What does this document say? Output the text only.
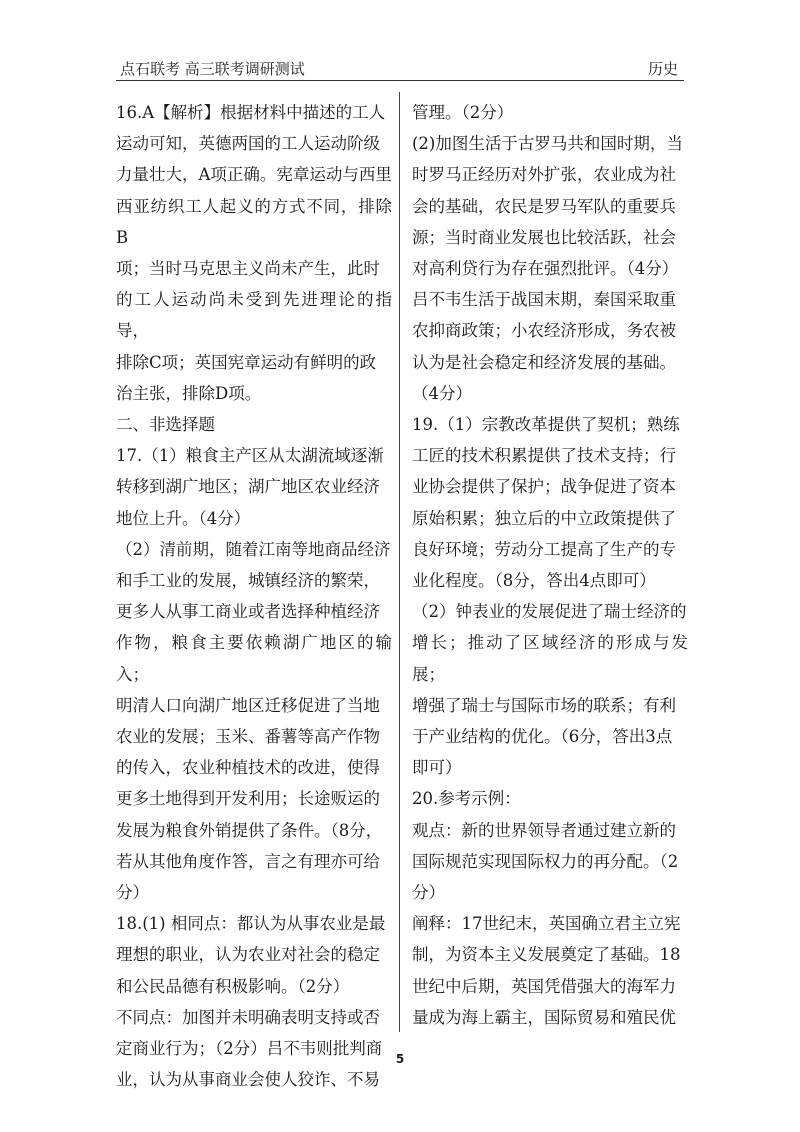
点石联考 高三联考调研测试	历史

16.A【解析】根据材料中描述的工人
运动可知，英德两国的工人运动阶级
力量壮大，A项正确。宪章运动与西里
西亚纺织工人起义的方式不同，排除B
项；当时马克思主义尚未产生，此时
的工人运动尚未受到先进理论的指导，
排除C项；英国宪章运动有鲜明的政
治主张，排除D项。

二、非选择题

17.（1）粮食主产区从太湖流域逐渐
转移到湖广地区；湖广地区农业经济
地位上升。（4分）

（2）清前期，随着江南等地商品经济
和手工业的发展，城镇经济的繁荣，
更多人从事工商业或者选择种植经济
作物，粮食主要依赖湖广地区的输入；
明清人口向湖广地区迁移促进了当地
农业的发展；玉米、番薯等高产作物
的传入，农业种植技术的改进，使得
更多土地得到开发利用；长途贩运的
发展为粮食外销提供了条件。（8分，
若从其他角度作答，言之有理亦可给
分）

18.(1) 相同点：都认为从事农业是最
理想的职业，认为农业对社会的稳定
和公民品德有积极影响。（2分）

不同点：加图并未明确表明支持或否
定商业行为；（2分）吕不韦则批判商
业，认为从事商业会使人狡诈、不易

管理。（2分）

(2)加图生活于古罗马共和国时期，当
时罗马正经历对外扩张，农业成为社
会的基础，农民是罗马军队的重要兵
源；当时商业发展也比较活跃，社会
对高利贷行为存在强烈批评。（4分）

吕不韦生活于战国末期，秦国采取重
农抑商政策；小农经济形成，务农被
认为是社会稳定和经济发展的基础。
（4分）

19.（1）宗教改革提供了契机；熟练
工匠的技术积累提供了技术支持；行
业协会提供了保护；战争促进了资本
原始积累；独立后的中立政策提供了
良好环境；劳动分工提高了生产的专
业化程度。（8分，答出4点即可）

（2）钟表业的发展促进了瑞士经济的
增长；推动了区域经济的形成与发展；
增强了瑞士与国际市场的联系；有利
于产业结构的优化。（6分，答出3点
即可）

20.参考示例：

观点：新的世界领导者通过建立新的
国际规范实现国际权力的再分配。（2
分）

阐释：17世纪末，英国确立君主立宪
制，为资本主义发展奠定了基础。18
世纪中后期，英国凭借强大的海军力
量成为海上霸主，国际贸易和殖民优

5
